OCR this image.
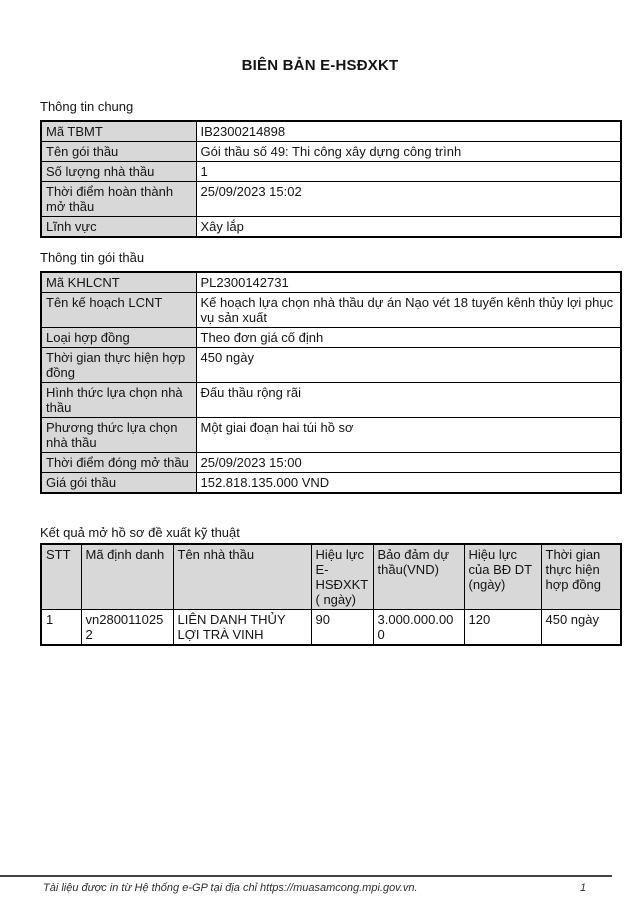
BIÊN BẢN E-HSĐXKT
Thông tin chung
Mã TBMT	IB2300214898
Tên gói thầu	Gói thầu số 49: Thi công xây dựng công trình
Số lượng nhà thầu	1
Thời điểm hoàn thành mở thầu	25/09/2023 15:02
Lĩnh vực	Xây lắp
Thông tin gói thầu
Mã KHLCNT	PL2300142731
Tên kế hoạch LCNT	Kế hoạch lựa chọn nhà thầu dự án Nạo vét 18 tuyến kênh thủy lợi phục vụ sản xuất
Loại hợp đồng	Theo đơn giá cố định
Thời gian thực hiện hợp đồng	450 ngày
Hình thức lựa chọn nhà thầu	Đấu thầu rộng rãi
Phương thức lựa chọn nhà thầu	Một giai đoạn hai túi hồ sơ
Thời điểm đóng mở thầu	25/09/2023 15:00
Giá gói thầu	152.818.135.000 VND
Kết quả mở hồ sơ đề xuất kỹ thuật
STT	Mã định danh	Tên nhà thầu	Hiệu lực E-HSĐXKT( ngày)	Bảo đảm dự thầu(VND)	Hiệu lực của BĐ DT (ngày)	Thời gian thực hiện hợp đồng
1	vn2800110252	LIÊN DANH THỦY LỢI TRÀ VINH	90	3.000.000.000	120	450 ngày
Tài liệu được in từ Hệ thống e-GP tại địa chỉ https://muasamcong.mpi.gov.vn.	1
